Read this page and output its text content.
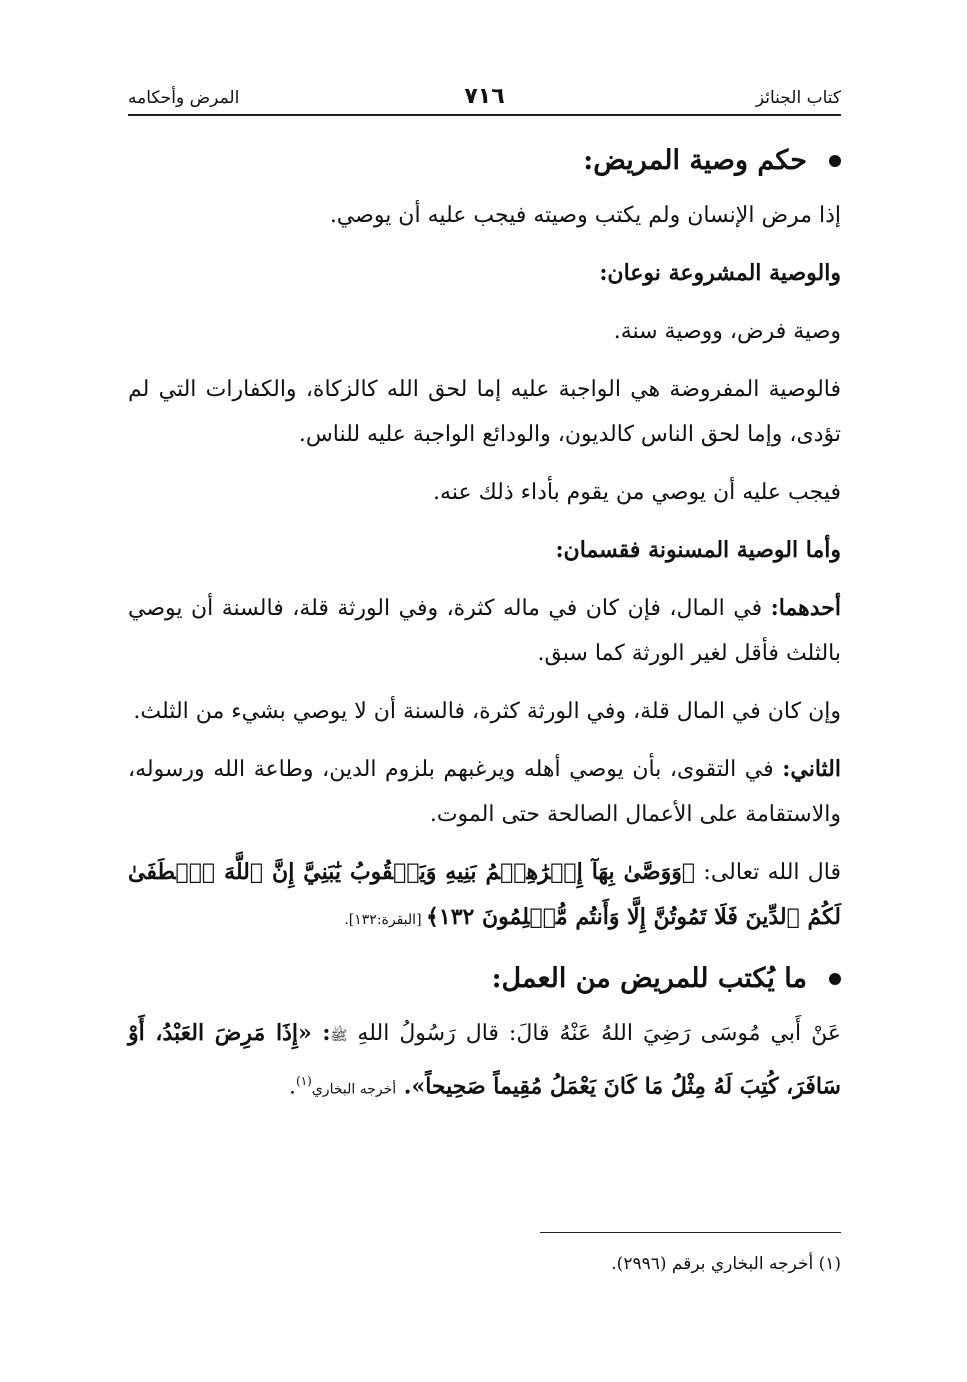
كتاب الجنائز
٧١٦
المرض وأحكامه
حكم وصية المريض:

إذا مرض الإنسان ولم يكتب وصيته فيجب عليه أن يوصي.

والوصية المشروعة نوعان:

وصية فرض، ووصية سنة.

فالوصية المفروضة هي الواجبة عليه إما لحق الله كالزكاة، والكفارات التي لم تؤدى، وإما لحق الناس كالديون، والودائع الواجبة عليه للناس.

فيجب عليه أن يوصي من يقوم بأداء ذلك عنه.

وأما الوصية المسنونة فقسمان:

أحدهما: في المال، فإن كان في ماله كثرة، وفي الورثة قلة، فالسنة أن يوصي بالثلث فأقل لغير الورثة كما سبق.

وإن كان في المال قلة، وفي الورثة كثرة، فالسنة أن لا يوصي بشيء من الثلث.

الثاني: في التقوى، بأن يوصي أهله ويرغبهم بلزوم الدين، وطاعة الله ورسوله، والاستقامة على الأعمال الصالحة حتى الموت.

قال الله تعالى: ﴿وَوَصَّىٰ بِهَآ إِبۡرَٰهِـۧمُ بَنِيهِ وَيَعۡقُوبُ يَٰبَنِيَّ إِنَّ ٱللَّهَ ٱصۡطَفَىٰ لَكُمُ ٱلدِّينَ فَلَا تَمُوتُنَّ إِلَّا وَأَنتُم مُّسۡلِمُونَ ١٣٢﴾ [البقرة:١٣٢].

ما يُكتب للمريض من العمل:

عَنْ أَبي مُوسَى رَضِيَ اللهُ عَنْهُ قالَ: قال رَسُولُ اللهِ ﷺ: «إِذَا مَرِضَ العَبْدُ، أَوْ سَافَرَ، كُتِبَ لَهُ مِثْلُ مَا كَانَ يَعْمَلُ مُقِيماً صَحِيحاً». أخرجه البخاري$^{(١)}$.

(١) أخرجه البخاري برقم (٢٩٩٦).
